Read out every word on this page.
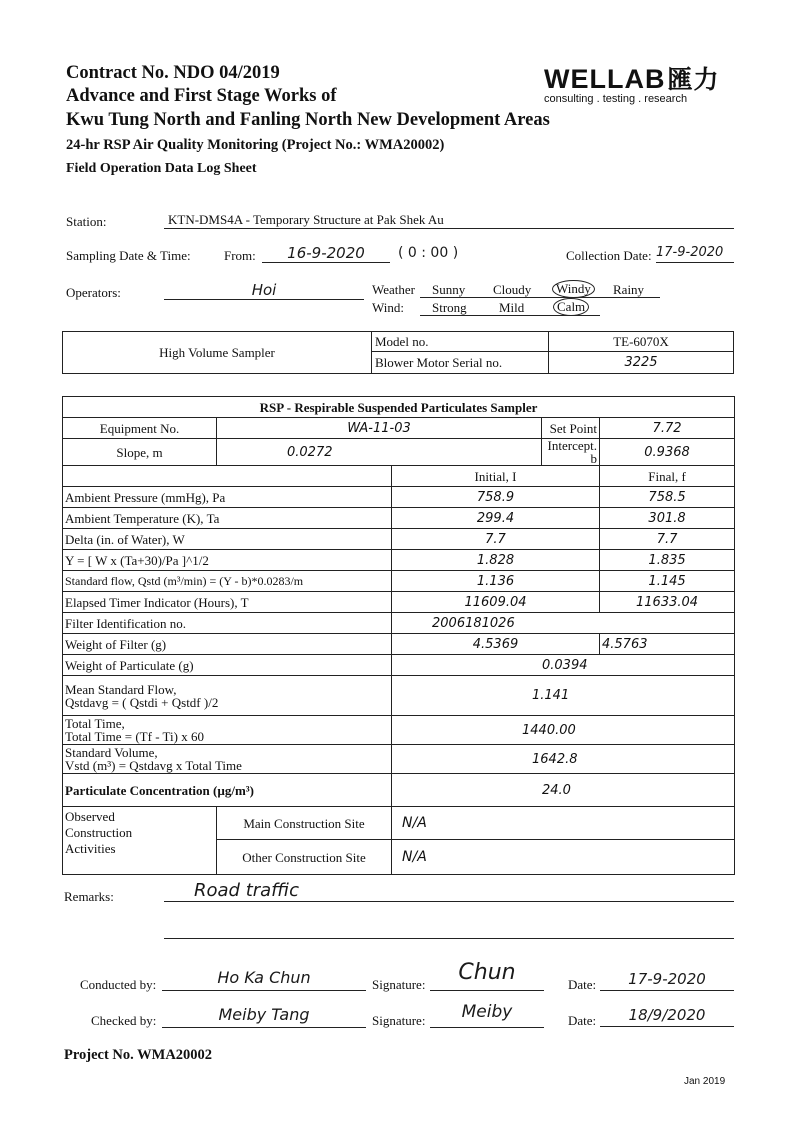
Contract No. NDO 04/2019
Advance and First Stage Works of
Kwu Tung North and Fanling North New Development Areas
24-hr RSP Air Quality Monitoring (Project No.: WMA20002)
Field Operation Data Log Sheet
WELLAB匯力
consulting . testing . research
Station:	KTN-DMS4A - Temporary Structure at Pak Shek Au
Sampling Date & Time:	From:	16-9-2020	( 0 : 00 )	Collection Date: 17-9-2020
Operators:	Hoi	Weather Sunny Cloudy	Windy	Rainy
Wind: Strong Mild	Calm
High Volume Sampler	Model no.	TE-6070X
	Blower Motor Serial no.	3225
RSP - Respirable Suspended Particulates Sampler				
Equipment No.	WA-11-03		Set Point	7.72
Slope, m	0.0272		Intercept. b	0.9368
		Initial, I		Final, f
Ambient Pressure (mmHg), Pa		758.9		758.5
Ambient Temperature (K), Ta		299.4		301.8
Delta (in. of Water), W		7.7		7.7
Y = [ W x (Ta+30)/Pa ]^1/2		1.828		1.835
Standard flow, Qstd (m³/min) = (Y - b)*0.0283/m		1.136		1.145
Elapsed Timer Indicator (Hours), T		11609.04		11633.04
Filter Identification no.		2006181026		
Weight of Filter (g)		4.5369		4.5763
Weight of Particulate (g)		0.0394		

Mean Standard Flow,
Qstdavg = ( Qstdi + Qstdf )/2		1.141		

Total Time,
Total Time = (Tf - Ti) x 60		1440.00		

Standard Volume,
Vstd (m³) = Qstdavg x Total Time		1642.8		
Particulate Concentration (µg/m³)		24.0		

Observed Construction Activities	Main Construction Site	N/A		
	Other Construction Site	N/A		
Remarks:	Road traffic
Conducted by:	Ho Ka Chun	Signature:	Chun	Date:	17-9-2020
Checked by:	Meiby Tang	Signature:	Meiby	Date:	18/9/2020
Project No. WMA20002
Jan 2019
